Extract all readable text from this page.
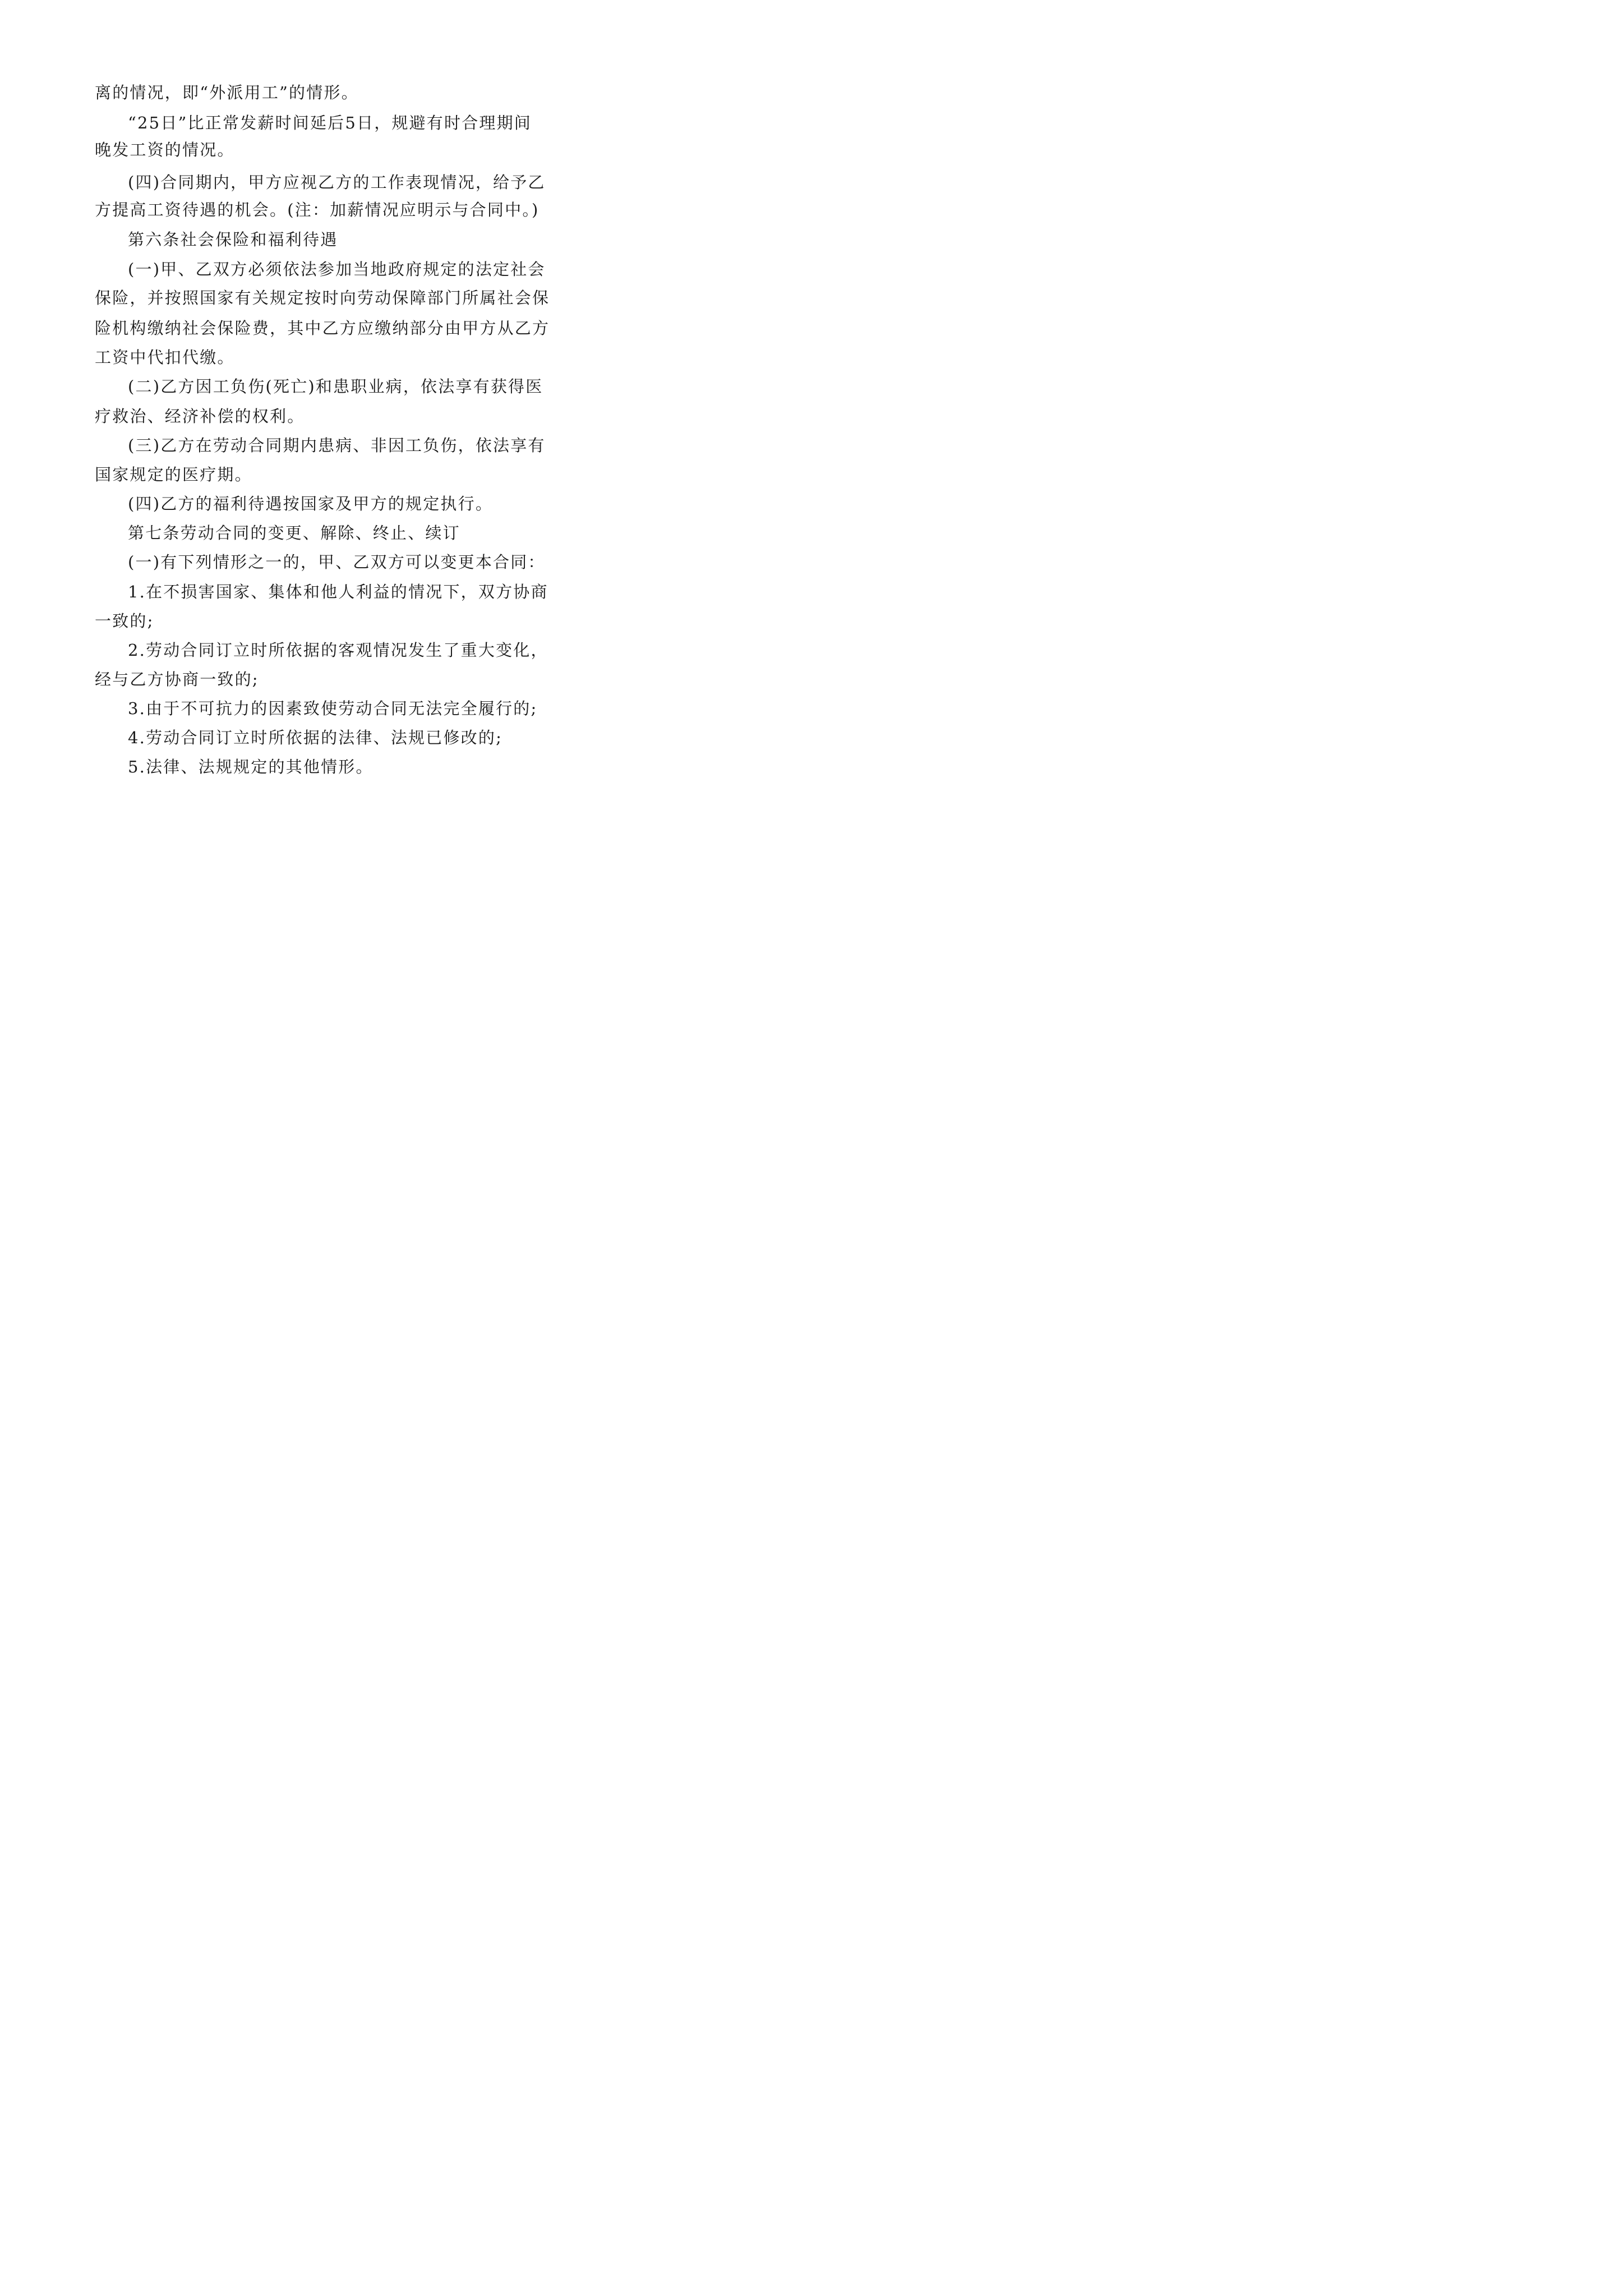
离的情况，即“外派用工”的情形。
“25日”比正常发薪时间延后5日，规避有时合理期间
晚发工资的情况。
(四)合同期内，甲方应视乙方的工作表现情况，给予乙
方提高工资待遇的机会。(注：加薪情况应明示与合同中。)
第六条社会保险和福利待遇
(一)甲、乙双方必须依法参加当地政府规定的法定社会
保险，并按照国家有关规定按时向劳动保障部门所属社会保
险机构缴纳社会保险费，其中乙方应缴纳部分由甲方从乙方
工资中代扣代缴。
(二)乙方因工负伤(死亡)和患职业病，依法享有获得医
疗救治、经济补偿的权利。
(三)乙方在劳动合同期内患病、非因工负伤，依法享有
国家规定的医疗期。
(四)乙方的福利待遇按国家及甲方的规定执行。
第七条劳动合同的变更、解除、终止、续订
(一)有下列情形之一的，甲、乙双方可以变更本合同：
1.在不损害国家、集体和他人利益的情况下，双方协商
一致的;
2.劳动合同订立时所依据的客观情况发生了重大变化，
经与乙方协商一致的;
3.由于不可抗力的因素致使劳动合同无法完全履行的;
4.劳动合同订立时所依据的法律、法规已修改的;
5.法律、法规规定的其他情形。
